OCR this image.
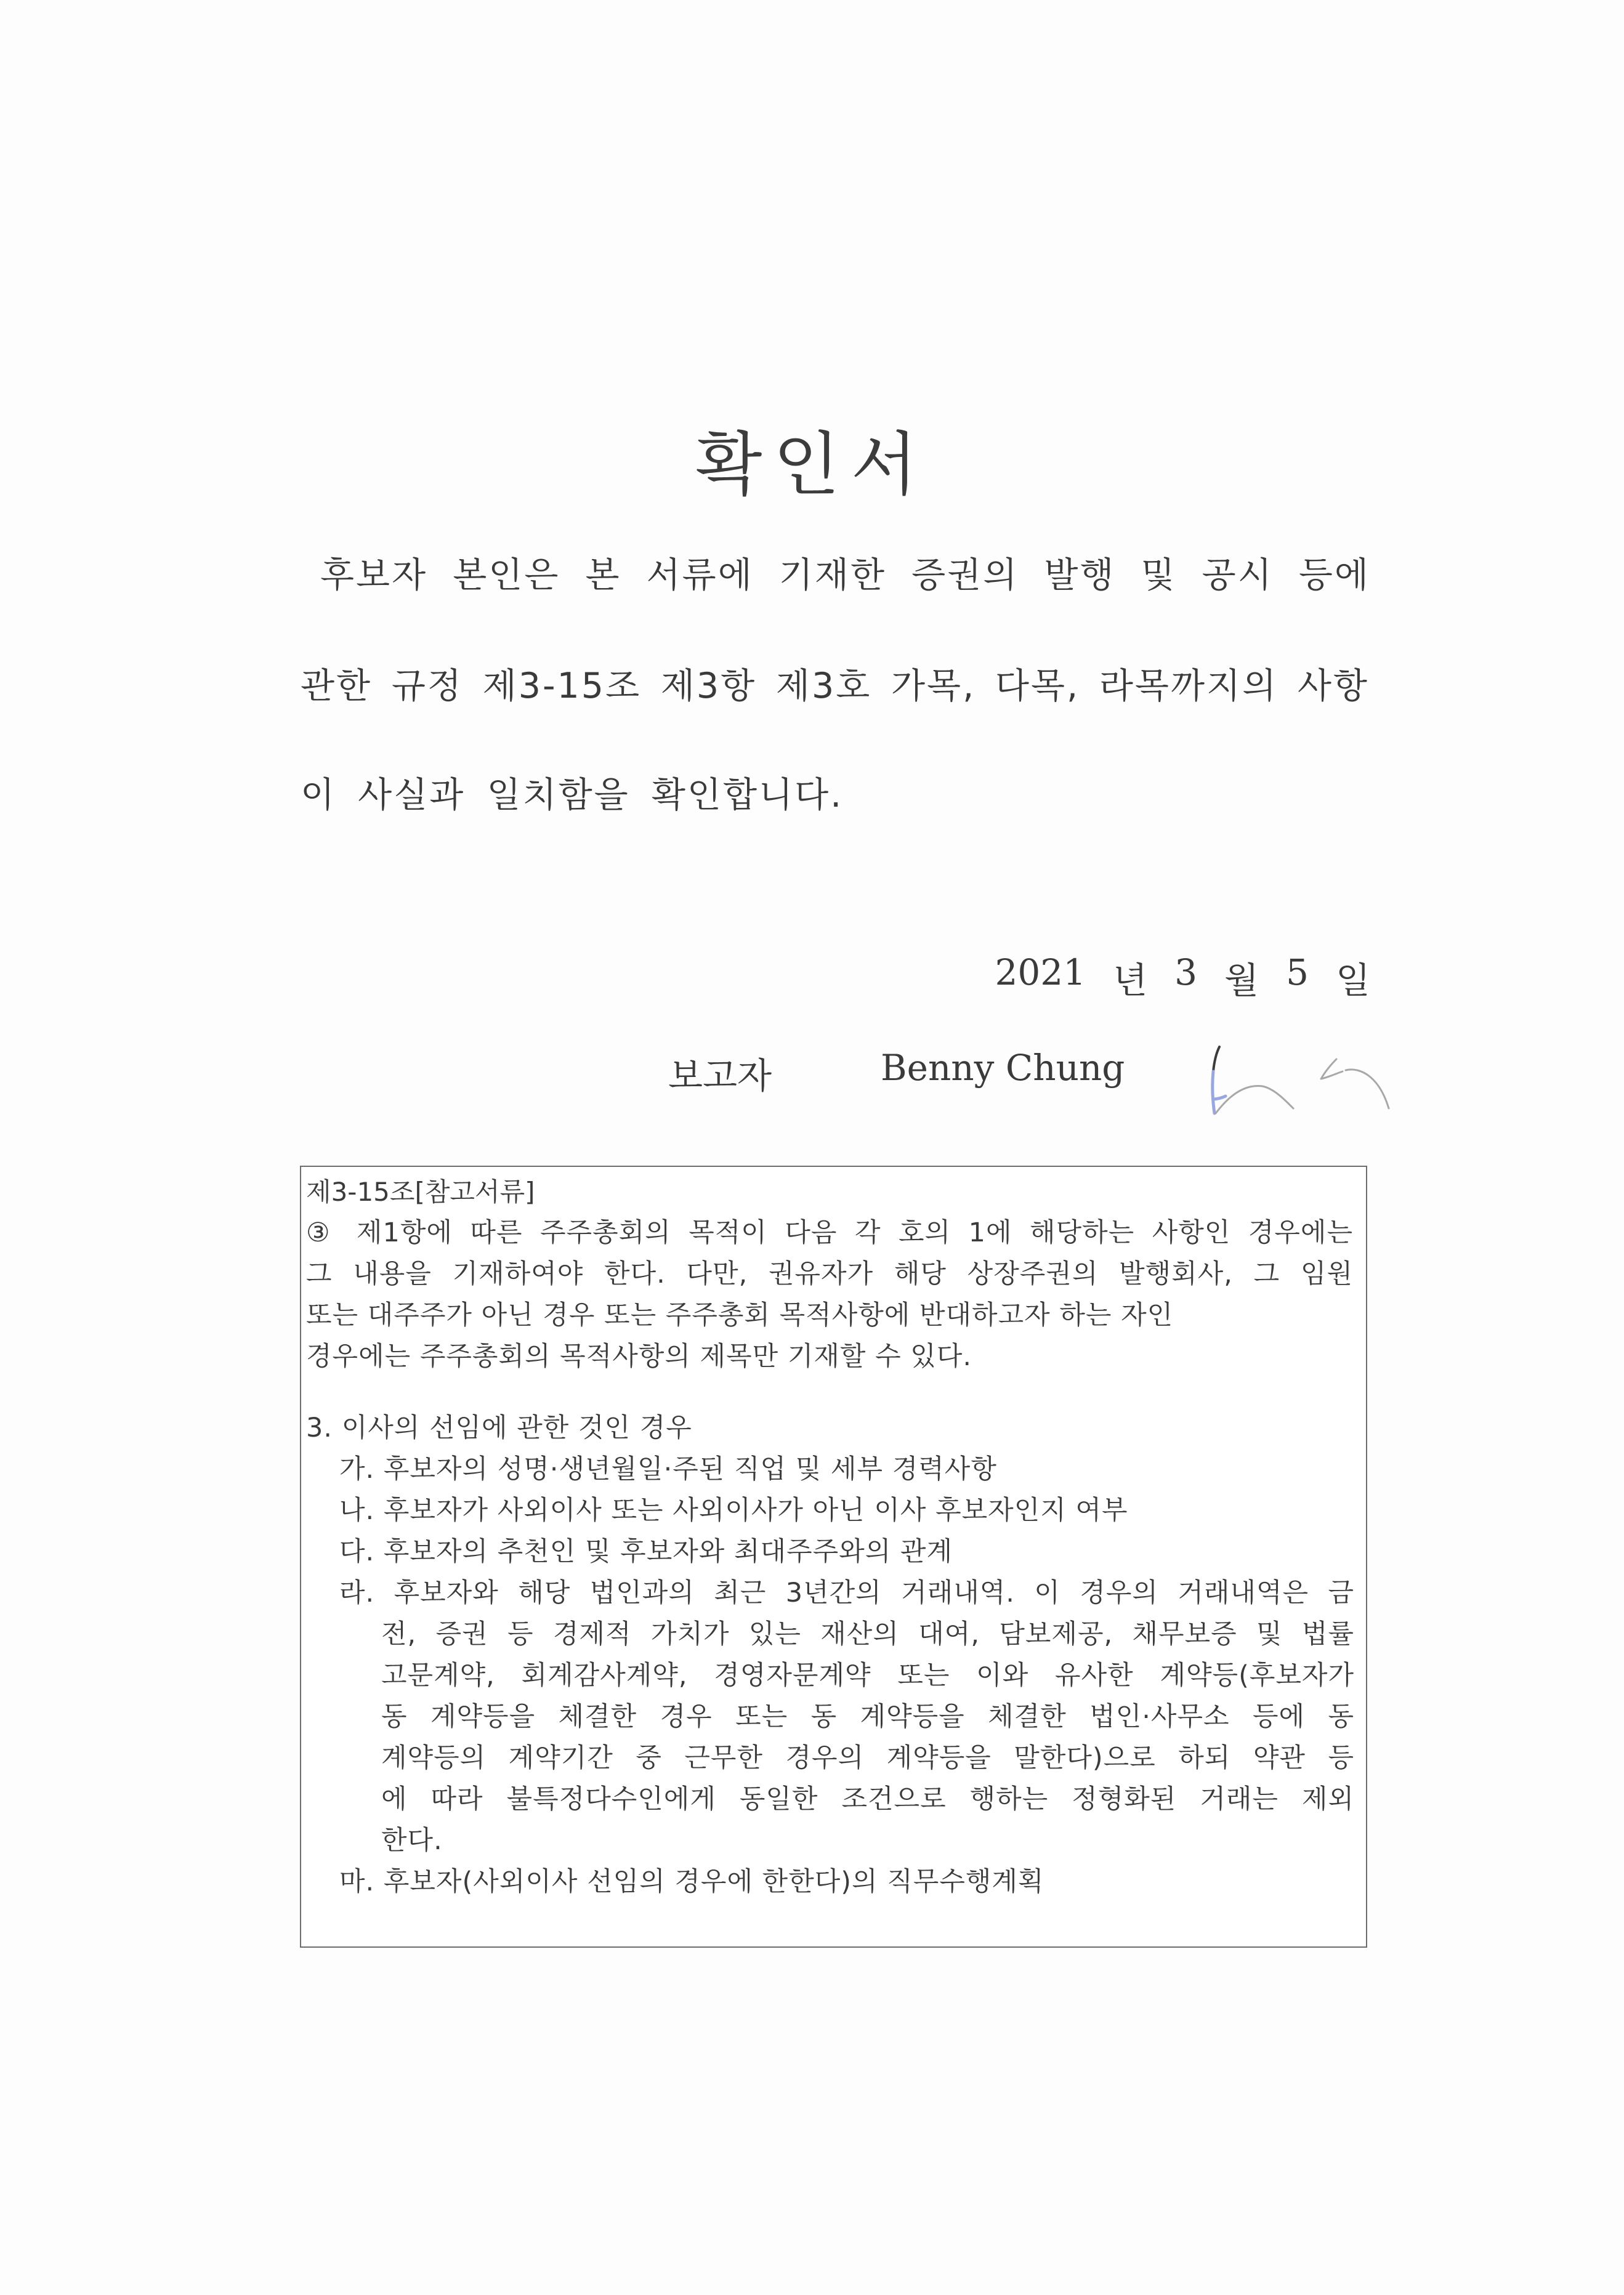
확인서
후보자 본인은 본 서류에 기재한 증권의 발행 및 공시 등에
관한 규정 제3-15조 제3항 제3호 가목, 다목, 라목까지의 사항
이 사실과 일치함을 확인합니다.
2021 년 3 월 5 일
보고자	Benny Chung
제3-15조[참고서류]
③ 제1항에 따른 주주총회의 목적이 다음 각 호의 1에 해당하는 사항인 경우에는
그 내용을 기재하여야 한다. 다만, 권유자가 해당 상장주권의 발행회사, 그 임원
또는 대주주가 아닌 경우 또는 주주총회 목적사항에 반대하고자 하는 자인
경우에는 주주총회의 목적사항의 제목만 기재할 수 있다.
3. 이사의 선임에 관한 것인 경우
가. 후보자의 성명·생년월일·주된 직업 및 세부 경력사항
나. 후보자가 사외이사 또는 사외이사가 아닌 이사 후보자인지 여부
다. 후보자의 추천인 및 후보자와 최대주주와의 관계
라. 후보자와 해당 법인과의 최근 3년간의 거래내역. 이 경우의 거래내역은 금
전, 증권 등 경제적 가치가 있는 재산의 대여, 담보제공, 채무보증 및 법률
고문계약, 회계감사계약, 경영자문계약 또는 이와 유사한 계약등(후보자가
동 계약등을 체결한 경우 또는 동 계약등을 체결한 법인·사무소 등에 동
계약등의 계약기간 중 근무한 경우의 계약등을 말한다)으로 하되 약관 등
에 따라 불특정다수인에게 동일한 조건으로 행하는 정형화된 거래는 제외
한다.
마. 후보자(사외이사 선임의 경우에 한한다)의 직무수행계획
